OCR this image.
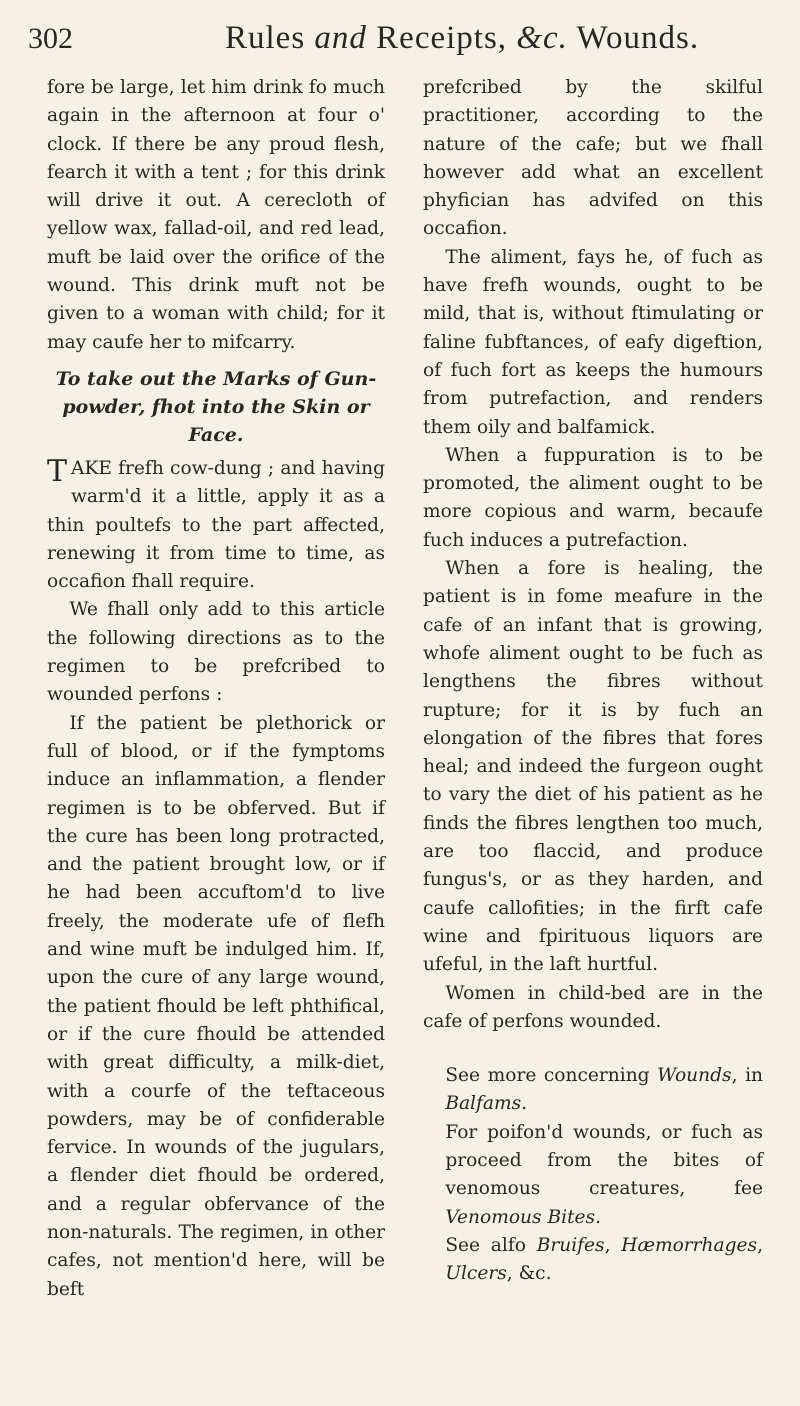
302	Rules and Receipts, &c. Wounds.

fore be large, let him drink fo much again in the afternoon at four o' clock. If there be any proud flesh, fearch it with a tent ; for this drink will drive it out. A cerecloth of yellow wax, fallad-oil, and red lead, muft be laid over the orifice of the wound. This drink muft not be given to a woman with child; for it may caufe her to mifcarry.

To take out the Marks of Gun-powder, fhot into the Skin or Face.

TAKE frefh cow-dung ; and having warm'd it a little, apply it as a thin poultefs to the part affected, renewing it from time to time, as occafion fhall require.

We fhall only add to this article the following directions as to the regimen to be prefcribed to wounded perfons :

If the patient be plethorick or full of blood, or if the fymptoms induce an inflammation, a flender regimen is to be obferved. But if the cure has been long protracted, and the patient brought low, or if he had been accuftom'd to live freely, the moderate ufe of flefh and wine muft be indulged him. If, upon the cure of any large wound, the patient fhould be left phthifical, or if the cure fhould be attended with great difficulty, a milk-diet, with a courfe of the teftaceous powders, may be of confiderable fervice. In wounds of the jugulars, a flender diet fhould be ordered, and a regular obfervance of the non-naturals. The regimen, in other cafes, not mention'd here, will be beft

prefcribed by the skilful practitioner, according to the nature of the cafe; but we fhall however add what an excellent phyfician has advifed on this occafion.

The aliment, fays he, of fuch as have frefh wounds, ought to be mild, that is, without ftimulating or faline fubftances, of eafy digeftion, of fuch fort as keeps the humours from putrefaction, and renders them oily and balfamick.

When a fuppuration is to be promoted, the aliment ought to be more copious and warm, becaufe fuch induces a putrefaction.

When a fore is healing, the patient is in fome meafure in the cafe of an infant that is growing, whofe aliment ought to be fuch as lengthens the fibres without rupture; for it is by fuch an elongation of the fibres that fores heal; and indeed the furgeon ought to vary the diet of his patient as he finds the fibres lengthen too much, are too flaccid, and produce fungus's, or as they harden, and caufe callofities; in the firft cafe wine and fpirituous liquors are ufeful, in the laft hurtful.

Women in child-bed are in the cafe of perfons wounded.

See more concerning Wounds, in Balfams.

For poifon'd wounds, or fuch as proceed from the bites of venomous creatures, fee Venomous Bites.

See alfo Bruifes, Hæmorrhages, Ulcers, &c.
